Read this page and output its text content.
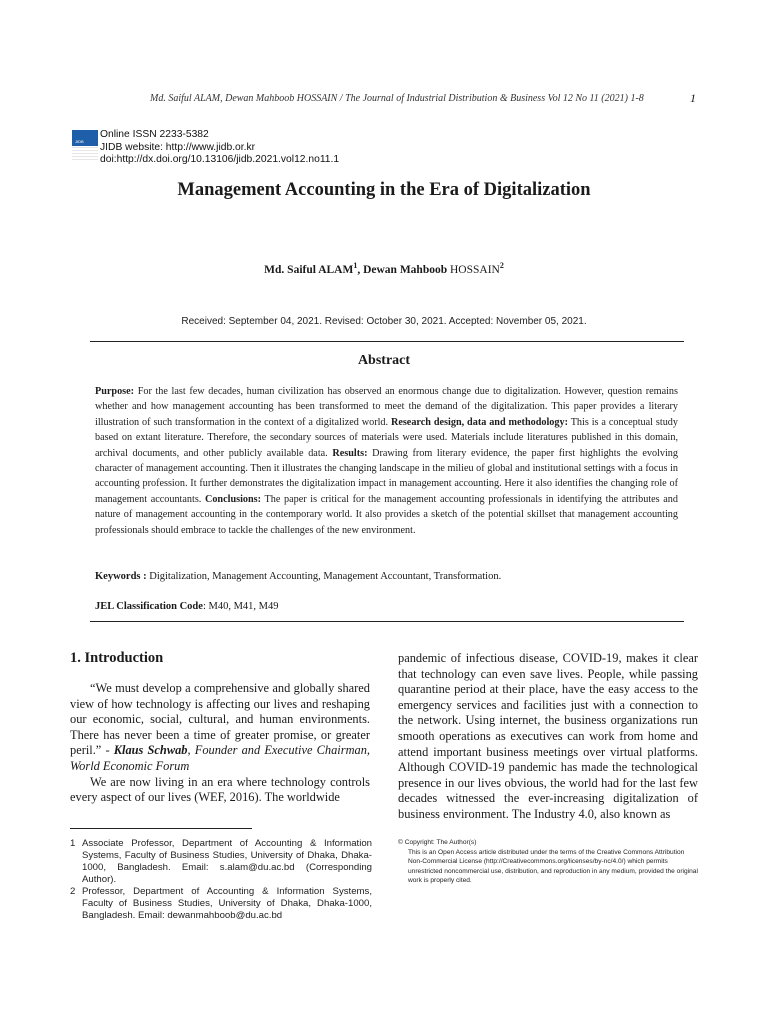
Md. Saiful ALAM, Dewan Mahboob HOSSAIN / The Journal of Industrial Distribution & Business Vol 12 No 11 (2021) 1-8	1
JIDB
Online ISSN 2233-5382
JIDB website: http://www.jidb.or.kr
doi:http://dx.doi.org/10.13106/jidb.2021.vol12.no11.1
Management Accounting in the Era of Digitalization
Md. Saiful ALAM$^1$, Dewan Mahboob HOSSAIN$^2$
Received: September 04, 2021. Revised: October 30, 2021. Accepted: November 05, 2021.
Abstract
Purpose: For the last few decades, human civilization has observed an enormous change due to digitalization. However, question remains whether and how management accounting has been transformed to meet the demand of the digitalization. This paper provides a literary illustration of such transformation in the context of a digitalized world. Research design, data and methodology: This is a conceptual study based on extant literature. Therefore, the secondary sources of materials were used. Materials include literatures published in this domain, archival documents, and other publicly available data. Results: Drawing from literary evidence, the paper first highlights the evolving character of management accounting. Then it illustrates the changing landscape in the milieu of global and institutional settings with a focus in accounting profession. It further demonstrates the digitalization impact in management accounting. Here it also identifies the changing role of management accountants. Conclusions: The paper is critical for the management accounting professionals in identifying the attributes and nature of management accounting in the contemporary world. It also provides a sketch of the potential skillset that management accounting professionals should embrace to tackle the challenges of the new environment.
Keywords : Digitalization, Management Accounting, Management Accountant, Transformation.
JEL Classification Code: M40, M41, M49
1. Introduction

“We must develop a comprehensive and globally shared view of how technology is affecting our lives and reshaping our economic, social, cultural, and human environments. There has never been a time of greater promise, or greater peril.” - Klaus Schwab, Founder and Executive Chairman, World Economic Forum

We are now living in an era where technology controls every aspect of our lives (WEF, 2016). The worldwide

pandemic of infectious disease, COVID-19, makes it clear that technology can even save lives. People, while passing quarantine period at their place, have the easy access to the emergency services and facilities just with a connection to the network. Using internet, the business organizations run smooth operations as executives can work from home and attend important business meetings over virtual platforms. Although COVID-19 pandemic has made the technological presence in our lives obvious, the world had for the last few decades witnessed the ever-increasing digitalization of business environment. The Industry 4.0, also known as
1 Associate Professor, Department of Accounting & Information Systems, Faculty of Business Studies, University of Dhaka, Dhaka-1000, Bangladesh. Email: s.alam@du.ac.bd (Corresponding Author).
2 Professor, Department of Accounting & Information Systems, Faculty of Business Studies, University of Dhaka, Dhaka-1000, Bangladesh. Email: dewanmahboob@du.ac.bd
© Copyright: The Author(s)
This is an Open Access article distributed under the terms of the Creative Commons Attribution Non-Commercial License (http://Creativecommons.org/licenses/by-nc/4.0/) which permits unrestricted noncommercial use, distribution, and reproduction in any medium, provided the original work is properly cited.
